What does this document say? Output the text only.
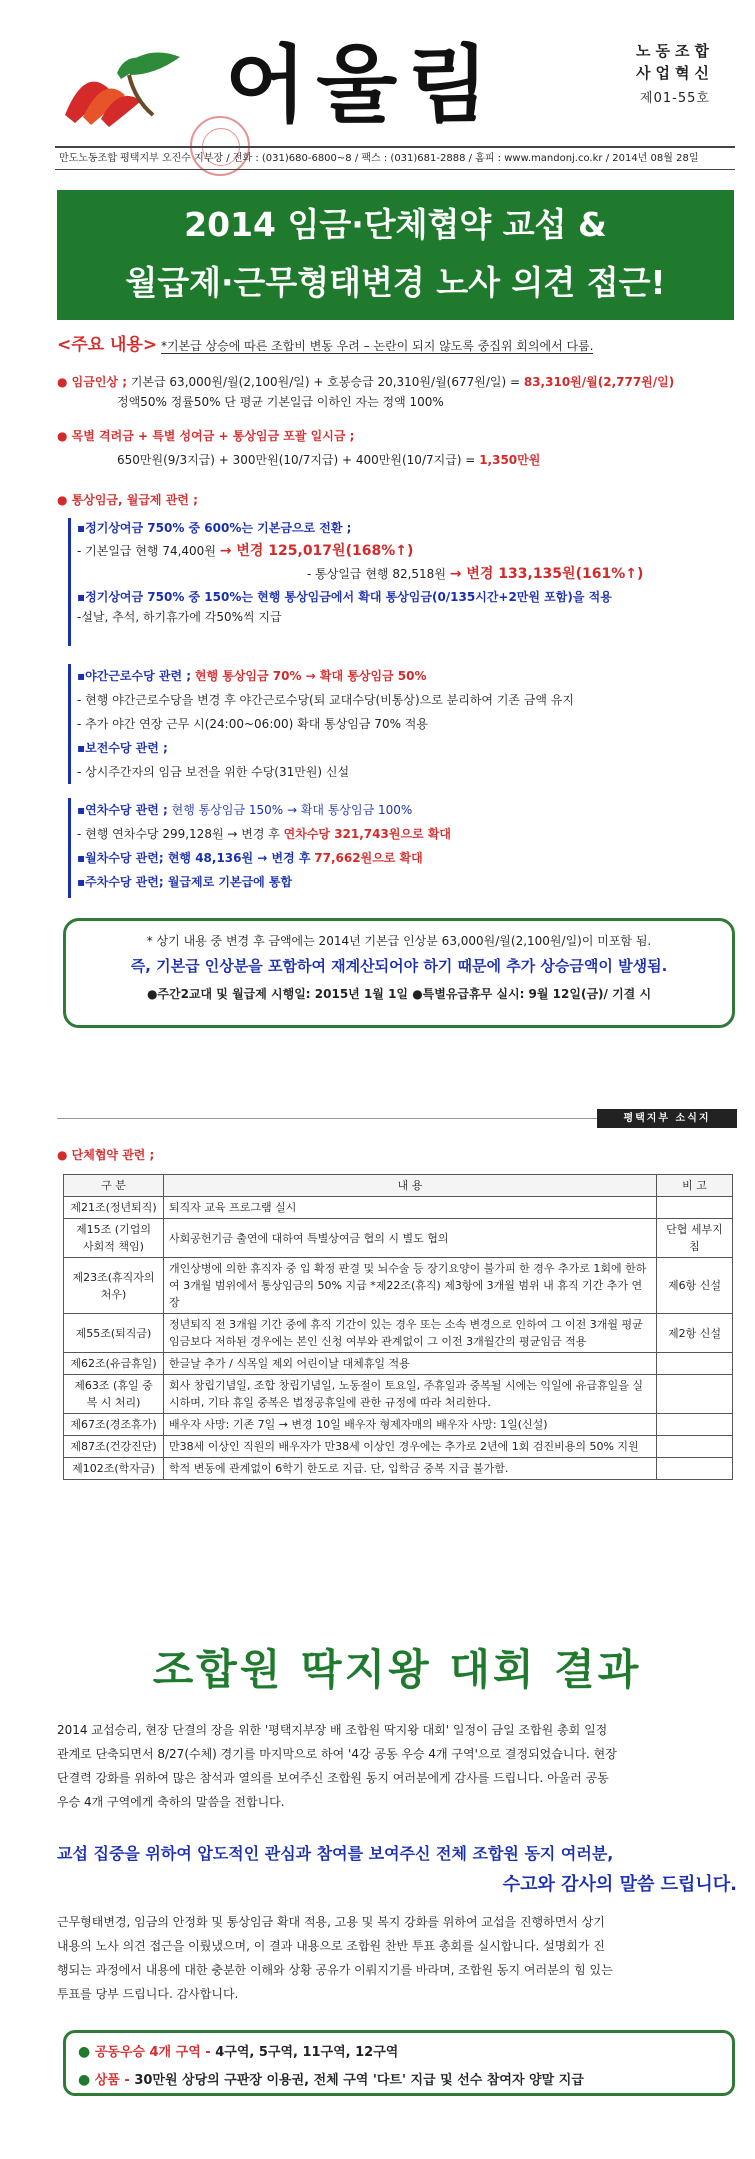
어울림	노동조합
사업혁신
제01-55호
만도노동조합 평택지부 오진수 지부장 / 전화 : (031)680-6800~8 / 팩스 : (031)681-2888 / 홈피 : www.mandonj.co.kr / 2014년 08월 28일
2014 임금·단체협약 교섭 &
월급제·근무형태변경 노사 의견 접근!
<주요 내용> *기본급 상승에 따른 조합비 변동 우려 – 논란이 되지 않도록 중집위 회의에서 다룸.
● 임금인상 ; 기본급 63,000원/월(2,100원/일) + 호봉승급 20,310원/월(677원/일) = 83,310원/월(2,777원/일)
정액50% 정률50% 단 평균 기본일급 이하인 자는 정액 100%
● 목별 격려금 + 특별 성여금 + 통상임금 포괄 일시금 ;
650만원(9/3지급) + 300만원(10/7지급) + 400만원(10/7지급) = 1,350만원
● 통상임금, 월급제 관련 ;
▪정기상여금 750% 중 600%는 기본금으로 전환 ;
- 기본일급 현행 74,400원 → 변경 125,017원(168%↑)
- 통상일급 현행 82,518원 → 변경 133,135원(161%↑)
▪정기상여금 750% 중 150%는 현행 통상임금에서 확대 통상임금(0/135시간+2만원 포함)을 적용
-설날, 추석, 하기휴가에 각50%씩 지급
▪야간근로수당 관련 ; 현행 통상임금 70% → 확대 통상임금 50%
- 현행 야간근로수당을 변경 후 야간근로수당(퇴 교대수당(비통상)으로 분리하여 기존 금액 유지
- 추가 야간 연장 근무 시(24:00~06:00) 확대 통상임금 70% 적용
▪보전수당 관련 ;
- 상시주간자의 임금 보전을 위한 수당(31만원) 신설
▪연차수당 관련 ; 현행 통상임금 150% → 확대 통상임금 100%
- 현행 연차수당 299,128원 → 변경 후 연차수당 321,743원으로 확대
▪월차수당 관련; 현행 48,136원 → 변경 후 77,662원으로 확대
▪주차수당 관련; 월급제로 기본급에 통합
* 상기 내용 중 변경 후 금액에는 2014년 기본급 인상분 63,000원/월(2,100원/일)이 미포함 됨.
즉, 기본급 인상분을 포함하여 재계산되어야 하기 때문에 추가 상승금액이 발생됨.
●주간2교대 및 월급제 시행일: 2015년 1월 1일 ●특별유급휴무 실시: 9월 12일(금)/ 기결 시
평택지부 소식지
● 단체협약 관련 ;
구 분	내 용	비 고
제21조(정년퇴직)	퇴직자 교육 프로그램 실시	
제15조 (기업의 사회적 책임)	사회공헌기금 출연에 대하여 특별상여금 협의 시 별도 협의	단협 세부지침
제23조(휴직자의 처우)	개인상병에 의한 휴직자 중 입 확정 판결 및 뇌수술 등 장기요양이 불가피 한 경우 추가로 1회에 한하여 3개월 범위에서 통상임금의 50% 지급 *제22조(휴직) 제3항에 3개월 범위 내 휴직 기간 추가 연장	제6항 신설
제55조(퇴직금)	정년퇴직 전 3개월 기간 중에 휴직 기간이 있는 경우 또는 소속 변경으로 인하여 그 이전 3개월 평균임금보다 저하된 경우에는 본인 신청 여부와 관계없이 그 이전 3개월간의 평균임금 적용	제2항 신설
제62조(유급휴일)	한글날 추가 / 식목일 제외 어린이날 대체휴일 적용	
제63조 (휴일 중복 시 처리)	회사 창립기념일, 조합 창립기념일, 노동절이 토요일, 주휴일과 중복될 시에는 익일에 유급휴일을 실시하며, 기타 휴일 중복은 법정공휴일에 관한 규정에 따라 처리한다.	
제67조(경조휴가)	배우자 사망: 기존 7일 → 변경 10일 배우자 형제자매의 배우자 사망: 1일(신설)	
제87조(건강진단)	만38세 이상인 직원의 배우자가 만38세 이상인 경우에는 추가로 2년에 1회 검진비용의 50% 지원	
제102조(학자금)	학적 변동에 관계없이 6학기 한도로 지급. 단, 입학금 중복 지급 불가함.	
조합원 딱지왕 대회 결과
2014 교섭승리, 현장 단결의 장을 위한 '평택지부장 배 조합원 딱지왕 대회' 일정이 금일 조합원 총회 일정
관계로 단축되면서 8/27(수체) 경기를 마지막으로 하여 '4강 공동 우승 4개 구역'으로 결정되었습니다. 현장
단결력 강화를 위하여 많은 참석과 열의를 보여주신 조합원 동지 여러분에게 감사를 드립니다. 아울러 공동
우승 4개 구역에게 축하의 말씀을 전합니다.
교섭 집중을 위하여 압도적인 관심과 참여를 보여주신 전체 조합원 동지 여러분,
수고와 감사의 말씀 드립니다.
근무형태변경, 임금의 안정화 및 통상임금 확대 적용, 고용 및 복지 강화를 위하여 교섭을 진행하면서 상기
내용의 노사 의견 접근을 이뤘냈으며, 이 결과 내용으로 조합원 찬반 투표 총회를 실시합니다. 설명회가 진
행되는 과정에서 내용에 대한 충분한 이해와 상황 공유가 이뤄지기를 바라며, 조합원 동지 여러분의 힘 있는
투표를 당부 드립니다. 감사합니다.
● 공동우승 4개 구역 - 4구역, 5구역, 11구역, 12구역
● 상품 - 30만원 상당의 구판장 이용권, 전체 구역 '다트' 지급 및 선수 참여자 양말 지급
